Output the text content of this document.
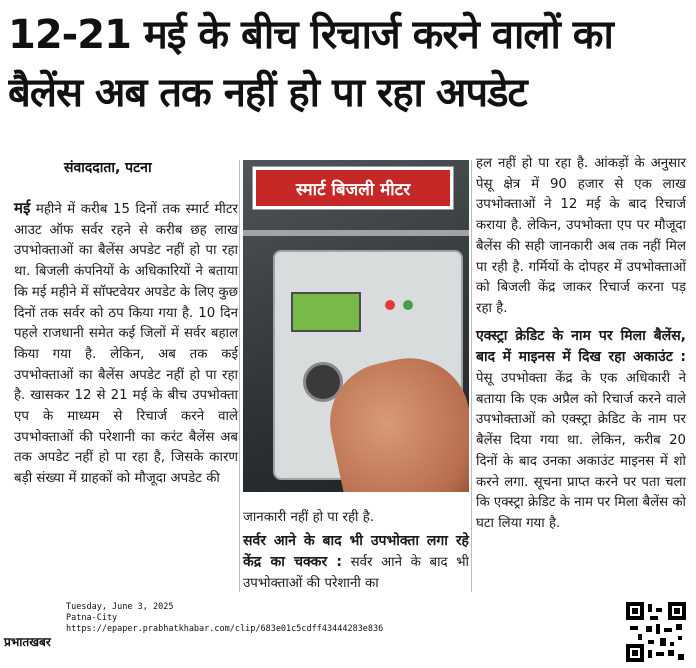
12-21 मई के बीच रिचार्ज करने वालों का
बैलेंस अब तक नहीं हो पा रहा अपडेट
संवाददाता, पटना

मई महीने में करीब 15 दिनों तक स्मार्ट मीटर आउट ऑफ सर्वर रहने से करीब छह लाख उपभोक्ताओं का बैलेंस अपडेट नहीं हो पा रहा था. बिजली कंपनियों के अधिकारियों ने बताया कि मई महीने में सॉफ्टवेयर अपडेट के लिए कुछ दिनों तक सर्वर को ठप किया गया है. 10 दिन पहले राजधानी समेत कई जिलों में सर्वर बहाल किया गया है. लेकिन, अब तक कई उपभोक्ताओं का बैलेंस अपडेट नहीं हो पा रहा है. खासकर 12 से 21 मई के बीच उपभोक्ता एप के माध्यम से रिचार्ज करने वाले उपभोक्ताओं की परेशानी का करंट बैलेंस अब तक अपडेट नहीं हो पा रहा है, जिसके कारण बड़ी संख्या में ग्राहकों को मौजूदा अपडेट की

स्मार्ट बिजली मीटर

जानकारी नहीं हो पा रही है.

सर्वर आने के बाद भी उपभोक्ता लगा रहे केंद्र का चक्कर : सर्वर आने के बाद भी उपभोक्ताओं की परेशानी का

हल नहीं हो पा रहा है. आंकड़ों के अनुसार पेसू क्षेत्र में 90 हजार से एक लाख उपभोक्ताओं ने 12 मई के बाद रिचार्ज कराया है. लेकिन, उपभोक्ता एप पर मौजूदा बैलेंस की सही जानकारी अब तक नहीं मिल पा रही है. गर्मियों के दोपहर में उपभोक्ताओं को बिजली केंद्र जाकर रिचार्ज करना पड़ रहा है.

एक्स्ट्रा क्रेडिट के नाम पर मिला बैलेंस, बाद में माइनस में दिख रहा अकाउंट : पेसू उपभोक्ता केंद्र के एक अधिकारी ने बताया कि एक अप्रैल को रिचार्ज करने वाले उपभोक्ताओं को एक्स्ट्रा क्रेडिट के नाम पर बैलेंस दिया गया था. लेकिन, करीब 20 दिनों के बाद उनका अकाउंट माइनस में शो करने लगा. सूचना प्राप्त करने पर पता चला कि एक्स्ट्रा क्रेडिट के नाम पर मिला बैलेंस को घटा लिया गया है.

प्रभातखबर
Tuesday, June 3, 2025
Patna-City
https://epaper.prabhatkhabar.com/clip/683e01c5cdff43444283e836
